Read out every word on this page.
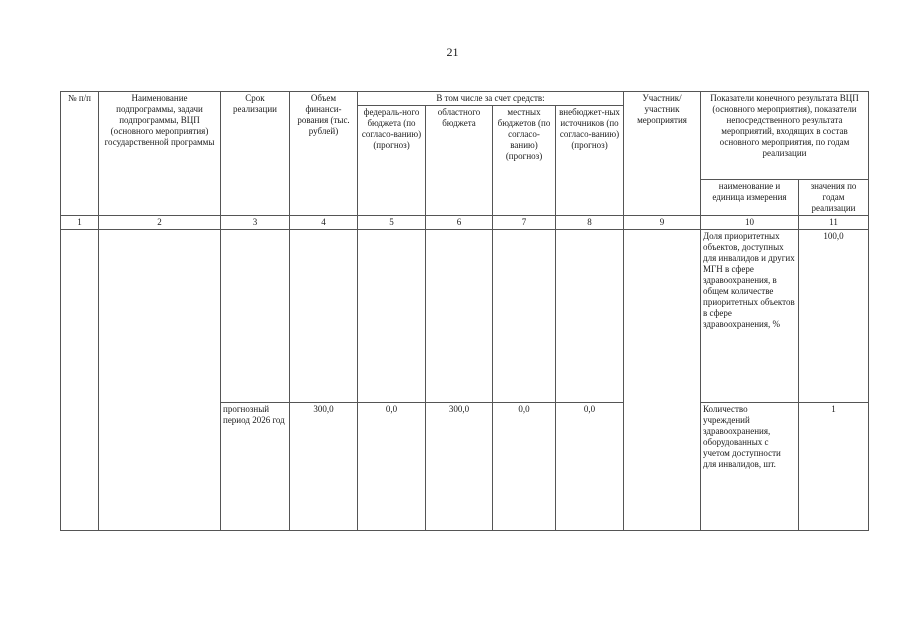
21
№ п/п	Наименование подпрограммы, задачи подпрограммы, ВЦП (основного мероприятия) государственной программы	Срок реализации	Объем финанси-рования (тыс. рублей)	В том числе за счет средств:				Участник/ участник мероприятия	Показатели конечного результата ВЦП (основного мероприятия), показатели непосредственного результата мероприятий, входящих в состав основного мероприятия, по годам реализации	
				федераль-ного бюджета (по согласо-ванию) (прогноз)	областного бюджета	местных бюджетов (по согласо-ванию) (прогноз)	внебюджет-ных источников (по согласо-ванию) (прогноз)			
									наименование и единица измерения	значения по годам реализации
1	2	3	4	5	6	7	8	9	10	11
									Доля приоритетных объектов, доступных для инвалидов и других МГН в сфере здравоохранения, в общем количестве приоритетных объектов в сфере здравоохранения, %	100,0
		прогнозный период 2026 год	300,0	0,0	300,0	0,0	0,0		Количество учреждений здравоохранения, оборудованных с учетом доступности для инвалидов, шт.	1
